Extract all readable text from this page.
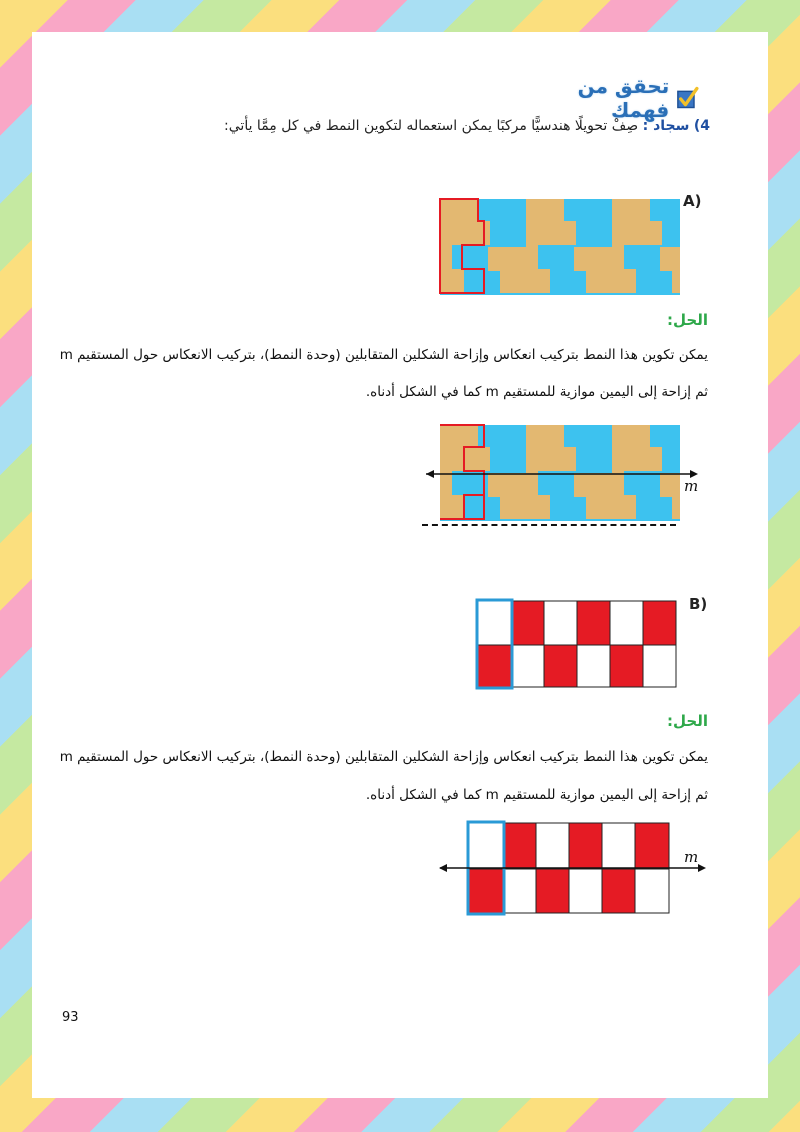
تحقق من فهمك
4) سجاد : صِفْ تحويلًا هندسيًّا مركبًا يمكن استعماله لتكوين النمط في كل مِمَّا يأتي:
A)
الحل:
يمكن تكوين هذا النمط بتركيب انعكاس وإزاحة الشكلين المتقابلين (وحدة النمط)، بتركيب الانعكاس حول المستقيم m
ثم إزاحة إلى اليمين موازية للمستقيم m كما في الشكل أدناه.
m
B)
الحل:
يمكن تكوين هذا النمط بتركيب انعكاس وإزاحة الشكلين المتقابلين (وحدة النمط)، بتركيب الانعكاس حول المستقيم m
ثم إزاحة إلى اليمين موازية للمستقيم m كما في الشكل أدناه.
m
93
